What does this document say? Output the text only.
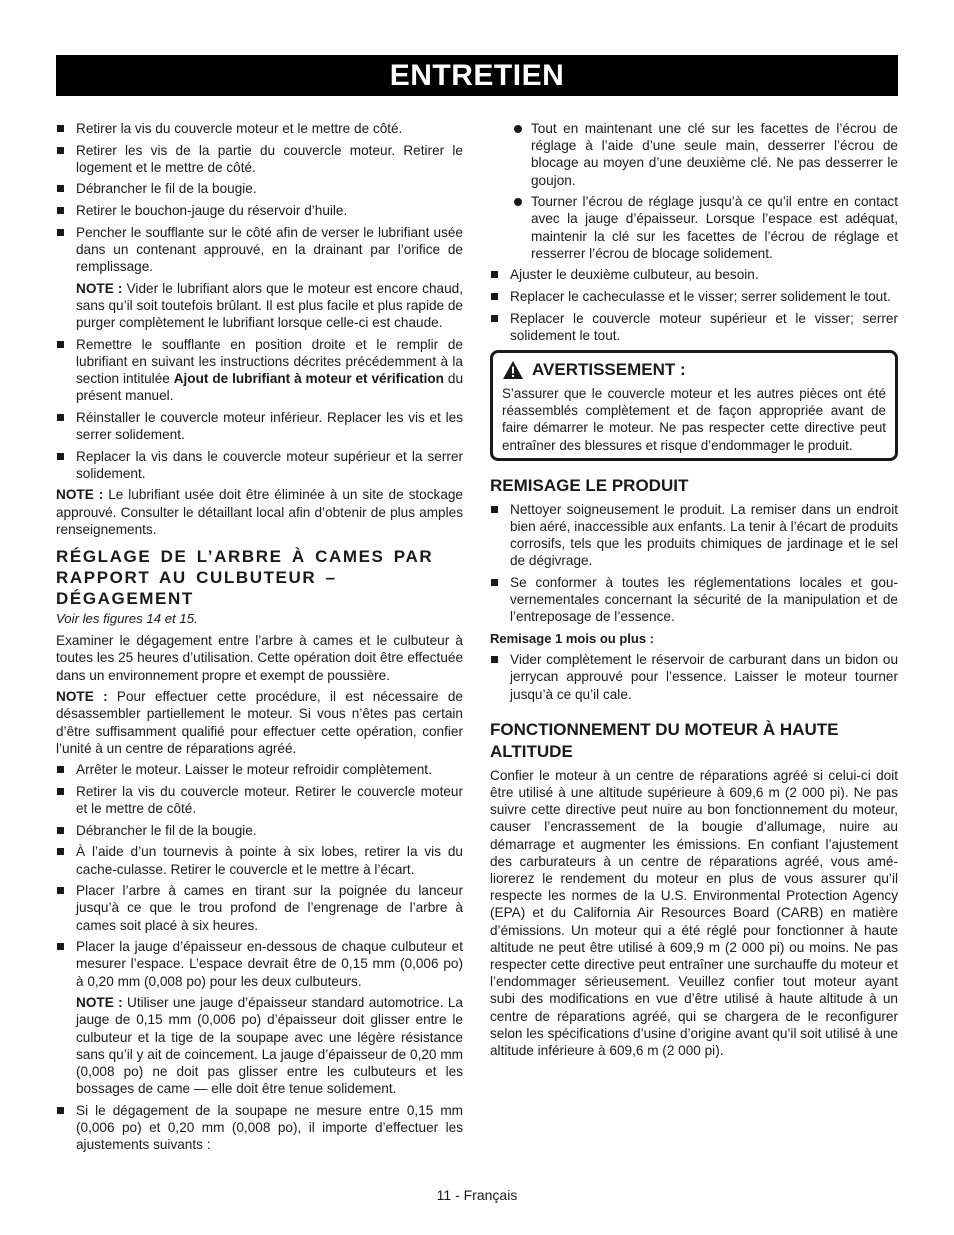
ENTRETIEN
Retirer la vis du couvercle moteur et le mettre de côté.
Retirer les vis de la partie du couvercle moteur. Retirer le logement et le mettre de côté.
Débrancher le fil de la bougie.
Retirer le bouchon-jauge du réservoir d’huile.
Pencher le soufflante sur le côté afin de verser le lubrifiant usée dans un contenant approuvé, en la drainant par l’orifice de remplissage.
NOTE : Vider le lubrifiant alors que le moteur est encore chaud, sans qu’il soit toutefois brûlant. Il est plus facile et plus rapide de purger complètement le lubrifiant lorsque celle-ci est chaude.
Remettre le soufflante en position droite et le remplir de lubrifiant en suivant les instructions décrites précédemment à la section intitulée Ajout de lubrifiant à moteur et vérification du présent manuel.
Réinstaller le couvercle moteur inférieur. Replacer les vis et les serrer solidement.
Replacer la vis dans le couvercle moteur supérieur et la serrer solidement.

NOTE : Le lubrifiant usée doit être éliminée à un site de stockage approuvé. Consulter le détaillant local afin d’obtenir de plus amples renseignements.

RÉGLAGE DE L’ARBRE À CAMES PAR RAPPORT AU CULBUTEUR – DÉGAGEMENT
Voir les figures 14 et 15.

Examiner le dégagement entre l’arbre à cames et le culbuteur à toutes les 25 heures d’utilisation. Cette opération doit être effectuée dans un environnement propre et exempt de poussière.

NOTE : Pour effectuer cette procédure, il est nécessaire de désassembler partiellement le moteur. Si vous n’êtes pas certain d’être suffisamment qualifié pour effectuer cette opération, confier l’unité à un centre de réparations agréé.

Arrêter le moteur. Laisser le moteur refroidir complètement.
Retirer la vis du couvercle moteur. Retirer le couvercle moteur et le mettre de côté.
Débrancher le fil de la bougie.
À l’aide d’un tournevis à pointe à six lobes, retirer la vis du cache-culasse. Retirer le couvercle et le mettre à l’écart.
Placer l’arbre à cames en tirant sur la poignée du lanceur jusqu’à ce que le trou profond de l’engrenage de l’arbre à cames soit placé à six heures.
Placer la jauge d’épaisseur en-dessous de chaque culbuteur et mesurer l’espace. L’espace devrait être de 0,15 mm (0,006 po) à 0,20 mm (0,008 po) pour les deux culbuteurs.
NOTE : Utiliser une jauge d’épaisseur standard automotrice. La jauge de 0,15 mm (0,006 po) d’épaisseur doit glisser entre le culbuteur et la tige de la soupape avec une légère résistance sans qu’il y ait de coincement. La jauge d’épaisseur de 0,20 mm (0,008 po) ne doit pas glisser entre les culbuteurs et les bossages de came — elle doit être tenue solidement.
Si le dégagement de la soupape ne mesure entre 0,15 mm (0,006 po) et 0,20 mm (0,008 po), il importe d’effectuer les ajustements suivants :
Tout en maintenant une clé sur les facettes de l’écrou de réglage à l’aide d’une seule main, desserrer l’écrou de blocage au moyen d’une deuxième clé. Ne pas desserrer le goujon.
Tourner l’écrou de réglage jusqu’à ce qu’il entre en contact avec la jauge d’épaisseur. Lorsque l’espace est adéquat, maintenir la clé sur les facettes de l’écrou de réglage et resserrer l’écrou de blocage solidement.
Ajuster le deuxième culbuteur, au besoin.
Replacer le cacheculasse et le visser; serrer solidement le tout.
Replacer le couvercle moteur supérieur et le visser; serrer solidement le tout.
AVERTISSEMENT :

S’assurer que le couvercle moteur et les autres pièces ont été réassemblés complètement et de façon appropriée avant de faire démarrer le moteur. Ne pas respecter cette directive peut entraîner des blessures et risque d’endommager le produit.

REMISAGE LE PRODUIT
Nettoyer soigneusement le produit. La remiser dans un endroit bien aéré, inaccessible aux enfants. La tenir à l’écart de produits corrosifs, tels que les produits chimiques de jardinage et le sel de dégivrage.
Se conformer à toutes les réglementations locales et gouvernementales concernant la sécurité de la manipulation et de l’entreposage de l’essence.
Remisage 1 mois ou plus :
Vider complètement le réservoir de carburant dans un bidon ou jerrycan approuvé pour l’essence. Laisser le moteur tourner jusqu’à ce qu’il cale.
FONCTIONNEMENT DU MOTEUR À HAUTE ALTITUDE

Confier le moteur à un centre de réparations agréé si celui-ci doit être utilisé à une altitude supérieure à 609,6 m (2 000 pi). Ne pas suivre cette directive peut nuire au bon fonctionnement du moteur, causer l’encrassement de la bougie d’allumage, nuire au démarrage et augmenter les émissions. En confiant l’ajustement des carburateurs à un centre de réparations agréé, vous améliorerez le rendement du moteur en plus de vous assurer qu’il respecte les normes de la U.S. Environmental Protection Agency (EPA) et du California Air Resources Board (CARB) en matière d’émissions. Un moteur qui a été réglé pour fonctionner à haute altitude ne peut être utilisé à 609,9 m (2 000 pi) ou moins. Ne pas respecter cette directive peut entraîner une surchauffe du moteur et l’endommager sérieusement. Veuillez confier tout moteur ayant subi des modifications en vue d’être utilisé à haute altitude à un centre de réparations agréé, qui se chargera de le reconfigurer selon les spécifications d’usine d’origine avant qu’il soit utilisé à une altitude inférieure à 609,6 m (2 000 pi).

11 - Français
